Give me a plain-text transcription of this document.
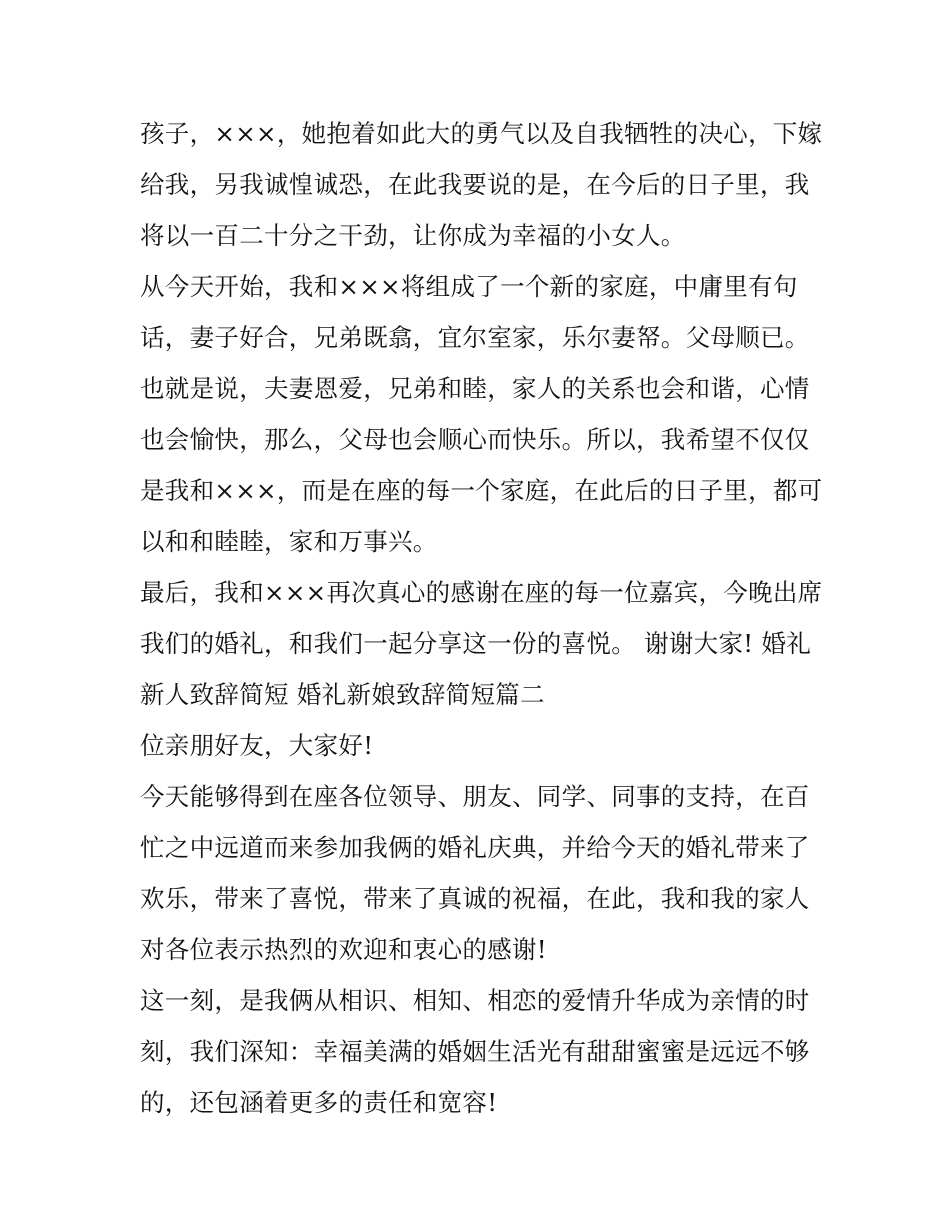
孩子，×××，她抱着如此大的勇气以及自我牺牲的决心，下嫁
给我，另我诚惶诚恐，在此我要说的是，在今后的日子里，我
将以一百二十分之干劲，让你成为幸福的小女人。
从今天开始，我和×××将组成了一个新的家庭，中庸里有句
话，妻子好合，兄弟既翕，宜尔室家，乐尔妻帑。父母顺已。
也就是说，夫妻恩爱，兄弟和睦，家人的关系也会和谐，心情
也会愉快，那么，父母也会顺心而快乐。所以，我希望不仅仅
是我和×××，而是在座的每一个家庭，在此后的日子里，都可
以和和睦睦，家和万事兴。
最后，我和×××再次真心的感谢在座的每一位嘉宾，今晚出席
我们的婚礼，和我们一起分享这一份的喜悦。 谢谢大家! 婚礼
新人致辞简短 婚礼新娘致辞简短篇二
位亲朋好友，大家好!
今天能够得到在座各位领导、朋友、同学、同事的支持，在百
忙之中远道而来参加我俩的婚礼庆典，并给今天的婚礼带来了
欢乐，带来了喜悦，带来了真诚的祝福，在此，我和我的家人
对各位表示热烈的欢迎和衷心的感谢!
这一刻，是我俩从相识、相知、相恋的爱情升华成为亲情的时
刻，我们深知：幸福美满的婚姻生活光有甜甜蜜蜜是远远不够
的，还包涵着更多的责任和宽容!
